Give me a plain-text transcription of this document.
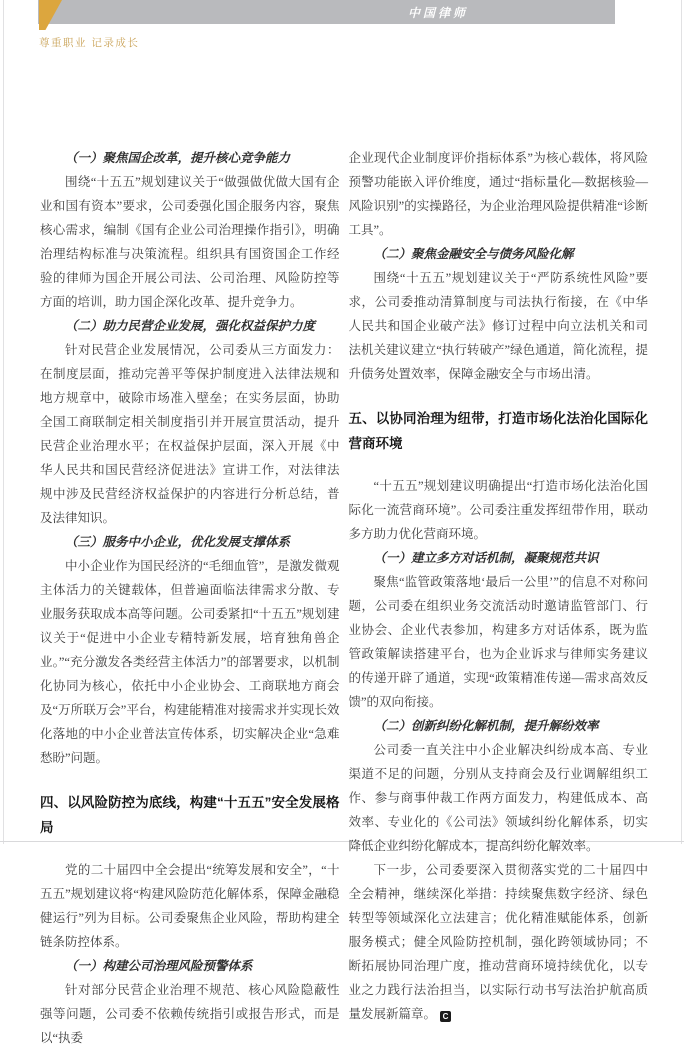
中国律师
尊重职业 记录成长

（一）聚焦国企改革，提升核心竞争能力

围绕“十五五”规划建议关于“做强做优做大国有企业和国有资本”要求，公司委强化国企服务内容，聚焦核心需求，编制《国有企业公司治理操作指引》，明确治理结构标准与决策流程。组织具有国资国企工作经验的律师为国企开展公司法、公司治理、风险防控等方面的培训，助力国企深化改革、提升竞争力。

（二）助力民营企业发展，强化权益保护力度

针对民营企业发展情况，公司委从三方面发力：在制度层面，推动完善平等保护制度进入法律法规和地方规章中，破除市场准入壁垒；在实务层面，协助全国工商联制定相关制度指引并开展宣贯活动，提升民营企业治理水平；在权益保护层面，深入开展《中华人民共和国民营经济促进法》宣讲工作，对法律法规中涉及民营经济权益保护的内容进行分析总结，普及法律知识。

（三）服务中小企业，优化发展支撑体系

中小企业作为国民经济的“毛细血管”，是激发微观主体活力的关键载体，但普遍面临法律需求分散、专业服务获取成本高等问题。公司委紧扣“十五五”规划建议关于“促进中小企业专精特新发展，培育独角兽企业。”“充分激发各类经营主体活力”的部署要求，以机制化协同为核心，依托中小企业协会、工商联地方商会及“万所联万会”平台，构建能精准对接需求并实现长效化落地的中小企业普法宣传体系，切实解决企业“急难愁盼”问题。

四、以风险防控为底线，构建“十五五”安全发展格局

党的二十届四中全会提出“统筹发展和安全”，“十五五”规划建议将“构建风险防范化解体系，保障金融稳健运行”列为目标。公司委聚焦企业风险，帮助构建全链条防控体系。

（一）构建公司治理风险预警体系

针对部分民营企业治理不规范、核心风险隐蔽性强等问题，公司委不依赖传统指引或报告形式，而是以“执委

企业现代企业制度评价指标体系”为核心载体，将风险预警功能嵌入评价维度，通过“指标量化—数据核验—风险识别”的实操路径，为企业治理风险提供精准“诊断工具”。

（二）聚焦金融安全与债务风险化解

围绕“十五五”规划建议关于“严防系统性风险”要求，公司委推动清算制度与司法执行衔接，在《中华人民共和国企业破产法》修订过程中向立法机关和司法机关建议建立“执行转破产”绿色通道，简化流程，提升债务处置效率，保障金融安全与市场出清。

五、以协同治理为纽带，打造市场化法治化国际化营商环境

“十五五”规划建议明确提出“打造市场化法治化国际化一流营商环境”。公司委注重发挥纽带作用，联动多方助力优化营商环境。

（一）建立多方对话机制，凝聚规范共识

聚焦“监管政策落地‘最后一公里’”的信息不对称问题，公司委在组织业务交流活动时邀请监管部门、行业协会、企业代表参加，构建多方对话体系，既为监管政策解读搭建平台，也为企业诉求与律师实务建议的传递开辟了通道，实现“政策精准传递—需求高效反馈”的双向衔接。

（二）创新纠纷化解机制，提升解纷效率

公司委一直关注中小企业解决纠纷成本高、专业渠道不足的问题，分别从支持商会及行业调解组织工作、参与商事仲裁工作两方面发力，构建低成本、高效率、专业化的《公司法》领域纠纷化解体系，切实降低企业纠纷化解成本，提高纠纷化解效率。

下一步，公司委要深入贯彻落实党的二十届四中全会精神，继续深化举措：持续聚焦数字经济、绿色转型等领域深化立法建言；优化精准赋能体系，创新服务模式；健全风险防控机制，强化跨领域协同；不断拓展协同治理广度，推动营商环境持续优化，以专业之力践行法治担当，以实际行动书写法治护航高质量发展新篇章。 C
